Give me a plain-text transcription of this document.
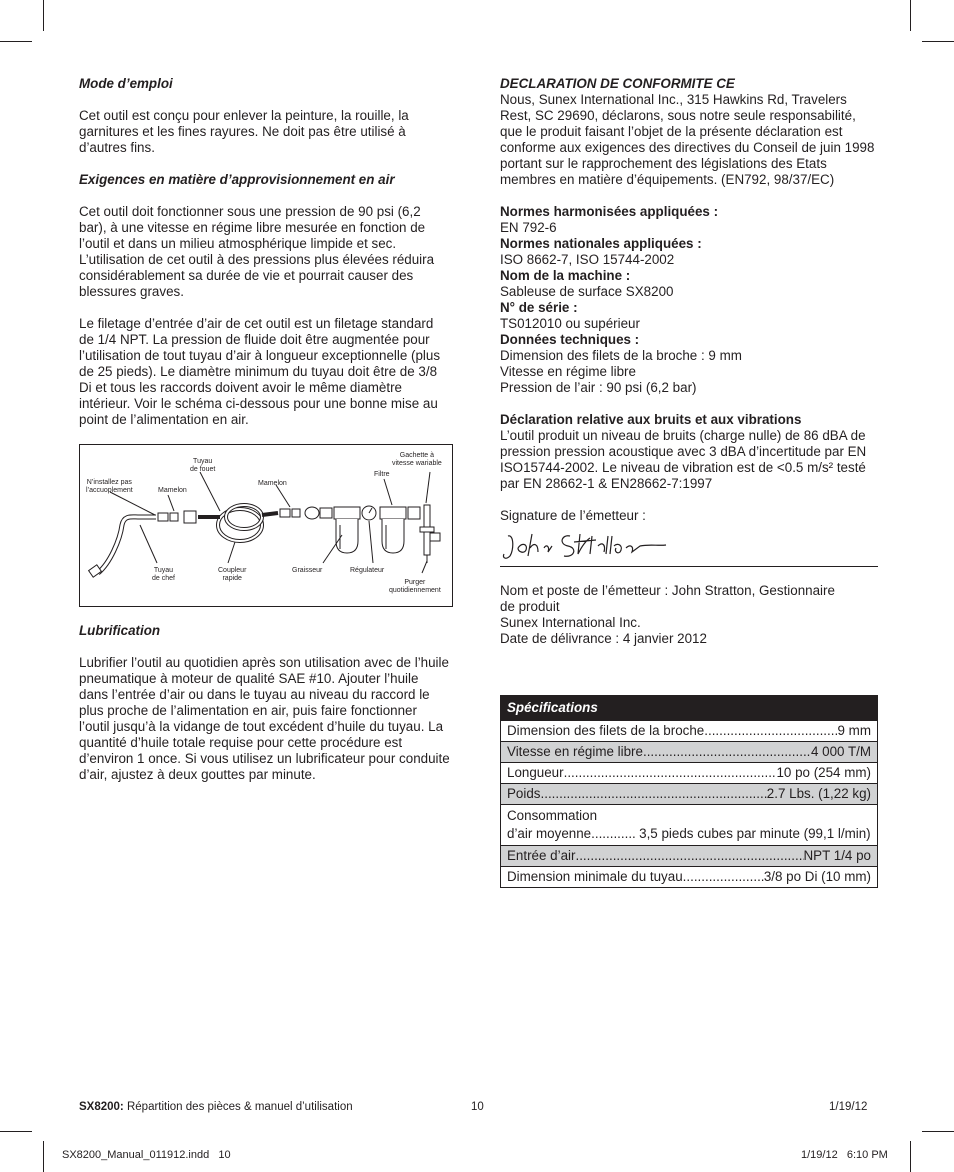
Mode d’emploi

Cet outil est conçu pour enlever la peinture, la rouille, la garnitures et les fines rayures. Ne doit pas être utilisé à d’autres fins.

Exigences en matière d’approvisionnement en air

Cet outil doit fonctionner sous une pression de 90 psi (6,2 bar), à une vitesse en régime libre mesurée en fonction de l’outil et dans un milieu atmosphérique limpide et sec. L’utilisation de cet outil à des pressions plus élevées réduira considérablement sa durée de vie et pourrait causer des blessures graves.

Le filetage d’entrée d’air de cet outil est un filetage standard de 1/4 NPT. La pression de fluide doit être augmentée pour l’utilisation de tout tuyau d’air à longueur exceptionnelle (plus de 25 pieds). Le diamètre minimum du tuyau doit être de 3/8 Di et tous les raccords doivent avoir le même diamètre intérieur. Voir le schéma ci-dessous pour une bonne mise au point de l’alimentation en air.

N’installez pas
l’accuoplement	Mamelon
Tuyau
de fouet
Mamelon
Filtre
Gachette à
vitesse wariable
Tuyau
de chef
Coupleur
rapide
Graisseur	Régulateur
Purger
quotidiennement

Lubrification

Lubrifier l’outil au quotidien après son utilisation avec de l’huile pneumatique à moteur de qualité SAE #10. Ajouter l’huile dans l’entrée d’air ou dans le tuyau au niveau du raccord le plus proche de l’alimentation en air, puis faire fonctionner l’outil jusqu’à la vidange de tout excédent d’huile du tuyau. La quantité d’huile totale requise pour cette procédure est d’environ 1 once. Si vous utilisez un lubrificateur pour conduite d’air, ajustez à deux gouttes par minute.

DECLARATION DE CONFORMITE CE

Nous, Sunex International Inc., 315 Hawkins Rd, Travelers Rest, SC 29690, déclarons, sous notre seule responsabilité, que le produit faisant l’objet de la présente déclaration est conforme aux exigences des directives du Conseil de juin 1998 portant sur le rapprochement des législations des Etats membres en matière d’équipements. (EN792, 98/37/EC)

Normes harmonisées appliquées :

EN 792-6

Normes nationales appliquées :

ISO 8662-7, ISO 15744-2002

Nom de la machine :

Sableuse de surface SX8200

N° de série :

TS012010 ou supérieur

Données techniques :

Dimension des filets de la broche : 9 mm

Vitesse en régime libre

Pression de l’air : 90 psi (6,2 bar)

Déclaration relative aux bruits et aux vibrations

L’outil produit un niveau de bruits (charge nulle) de 86 dBA de pression pression acoustique avec 3 dBA d’incertitude par EN ISO15744-2002. Le niveau de vibration est de <0.5 m/s² testé par EN 28662-1 & EN28662-7:1997

Signature de l’émetteur :

Nom et poste de l’émetteur : John Stratton, Gestionnaire

de produit

Sunex International Inc.

Date de délivrance : 4 janvier 2012

Spécifications
Dimension des filets de la broche .....	9 mm
Vitesse en régime libre .....	4 000 T/M
Longueur .....	10 po (254 mm)
Poids .....	2.7 Lbs. (1,22 kg)
Consommation
d’air moyenne .....	3,5 pieds cubes par minute (99,1 l/min)
Entrée d’air .....	NPT 1/4 po
Dimension minimale du tuyau .....	3/8 po Di (10 mm)
SX8200: Répartition des pièces & manuel d’utilisation	10	1/19/12
SX8200_Manual_011912.indd   10	1/19/12   6:10 PM
